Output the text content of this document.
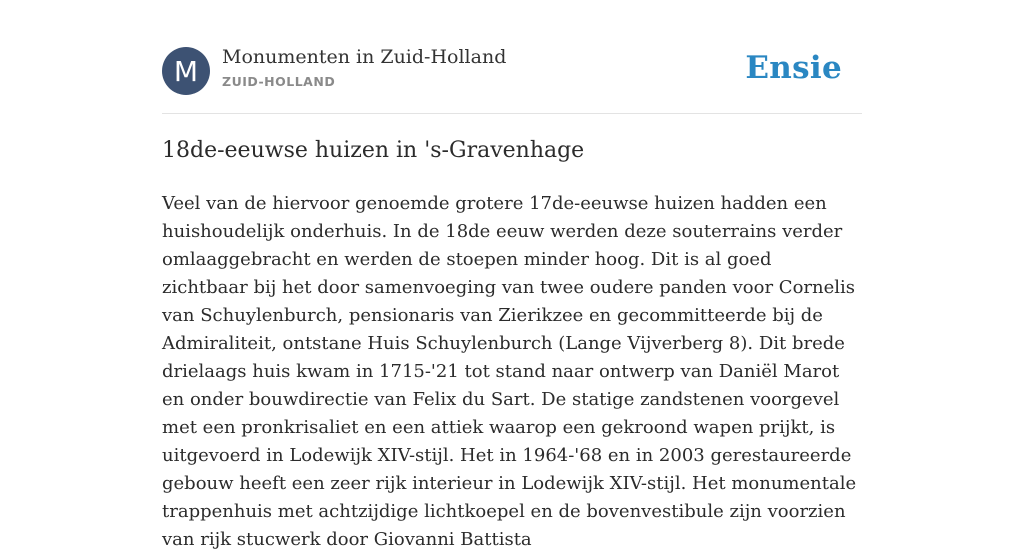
M	Monumenten in Zuid-Holland
ZUID-HOLLAND	Ensie
18de-eeuwse huizen in 's-Gravenhage

Veel van de hiervoor genoemde grotere 17de-eeuwse huizen hadden een huishoudelijk onderhuis. In de 18de eeuw werden deze souterrains verder omlaaggebracht en werden de stoepen minder hoog. Dit is al goed zichtbaar bij het door samenvoeging van twee oudere panden voor Cornelis van Schuylenburch, pensionaris van Zierikzee en gecommitteerde bij de Admiraliteit, ontstane Huis Schuylenburch (Lange Vijverberg 8). Dit brede drielaags huis kwam in 1715-'21 tot stand naar ontwerp van Daniël Marot en onder bouwdirectie van Felix du Sart. De statige zandstenen voorgevel met een pronkrisaliet en een attiek waarop een gekroond wapen prijkt, is uitgevoerd in Lodewijk XIV-stijl. Het in 1964-'68 en in 2003 gerestaureerde gebouw heeft een zeer rijk interieur in Lodewijk XIV-stijl. Het monumentale trappenhuis met achtzijdige lichtkoepel en de bovenvestibule zijn voorzien van rijk stucwerk door Giovanni Battista
